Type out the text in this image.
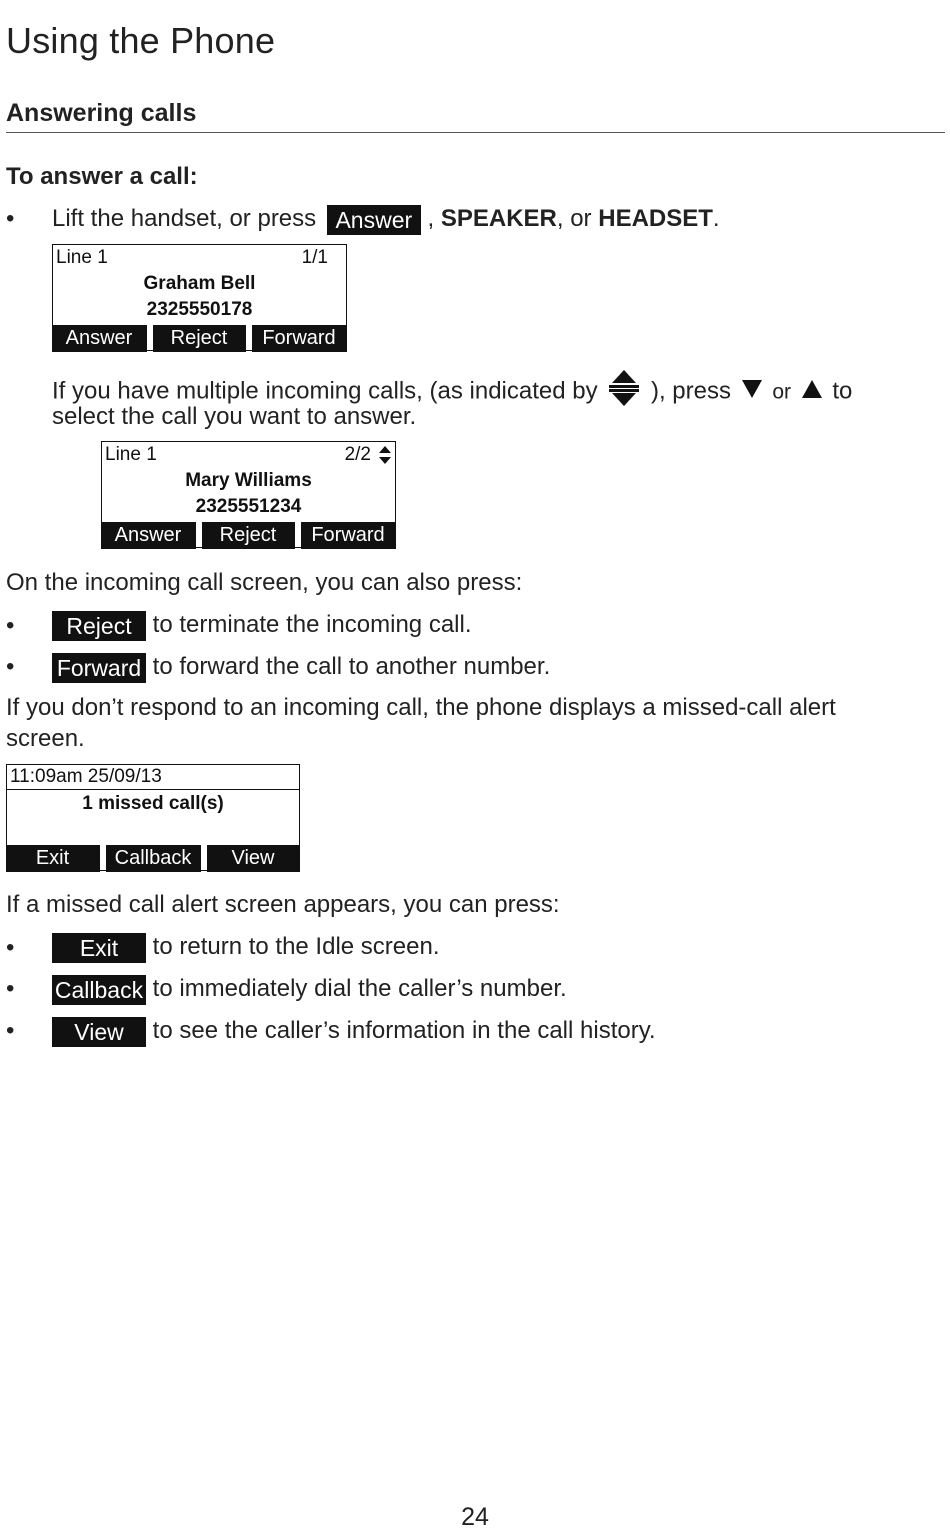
Using the Phone
Answering calls
To answer a call:
• Lift the handset, or press Answer , SPEAKER, or HEADSET.
Line 1	1/1
Graham Bell
2325550178
Answer	Reject	Forward
If you have multiple incoming calls, (as indicated by ), press or to
select the call you want to answer.
Line 1	2/2
Mary Williams
2325551234
Answer	Reject	Forward
On the incoming call screen, you can also press:
•	Reject to terminate the incoming call.
• Forward to forward the call to another number.
If you don’t respond to an incoming call, the phone displays a missed-call alert
screen.
11:09am 25/09/13
1 missed call(s)
Exit	Callback	View
If a missed call alert screen appears, you can press:
•	Exit to return to the Idle screen.
• Callback to immediately dial the caller’s number.
•	View to see the caller’s information in the call history.
24
